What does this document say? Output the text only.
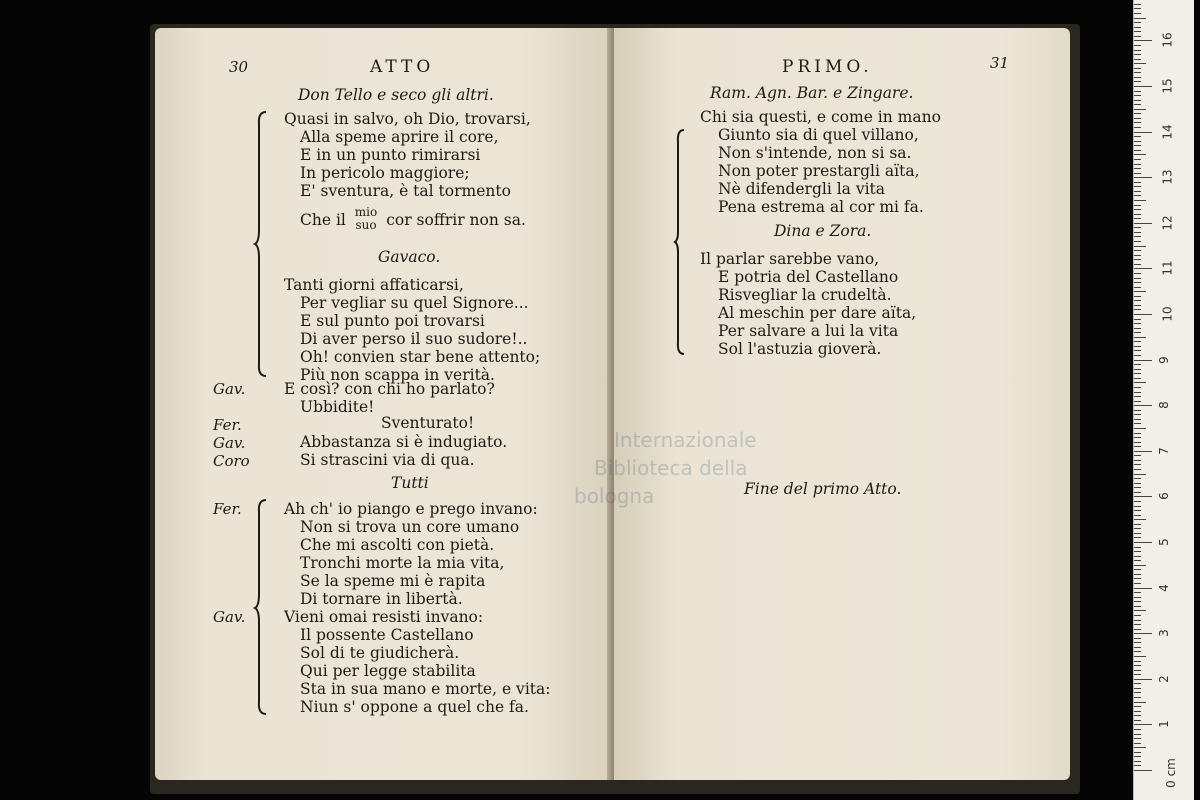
30	ATTO
Don Tello e seco gli altri.
Quasi in salvo, oh Dio, trovarsi,
Alla speme aprire il core,
E in un punto rimirarsi
In pericolo maggiore;
E' sventura, è tal tormento
Che il mio
suo cor soffrir non sa.
Gavaco.
Tanti giorni affaticarsi,
Per vegliar su quel Signore...
E sul punto poi trovarsi
Di aver perso il suo sudore!..
Oh! convien star bene attento;
Più non scappa in verità.
Gav. E così? con chi ho parlato?
Ubbidite!
Fer.	Sventurato!
Gav.	Abbastanza si è indugiato.
Coro	Si strascini via di qua.
Tutti
Fer.	Ah ch' io piango e prego invano:
Non si trova un core umano
Che mi ascolti con pietà.
Tronchi morte la mia vita,
Se la speme mi è rapita
Di tornare in libertà.
Gav. Vieni omai resisti invano:
Il possente Castellano
Sol di te giudicherà.
Qui per legge stabilita
Sta in sua mano e morte, e vita:
Niun s' oppone a quel che fa.
PRIMO.	31
Ram. Agn. Bar. e Zingare.
Chi sia questi, e come in mano
Giunto sia di quel villano,
Non s'intende, non si sa.
Non poter prestargli aïta,
Nè difendergli la vita
Pena estrema al cor mi fa.
Dina e Zora.
Il parlar sarebbe vano,
E potria del Castellano
Risvegliar la crudeltà.
Al meschin per dare aïta,
Per salvare a lui la vita
Sol l'astuzia gioverà.
Internazionale
Biblioteca della
bologna	Fine del primo Atto.
0 cm
1
2
3
4
5
6
7
8
9
10
11
12
13
14
15
16
